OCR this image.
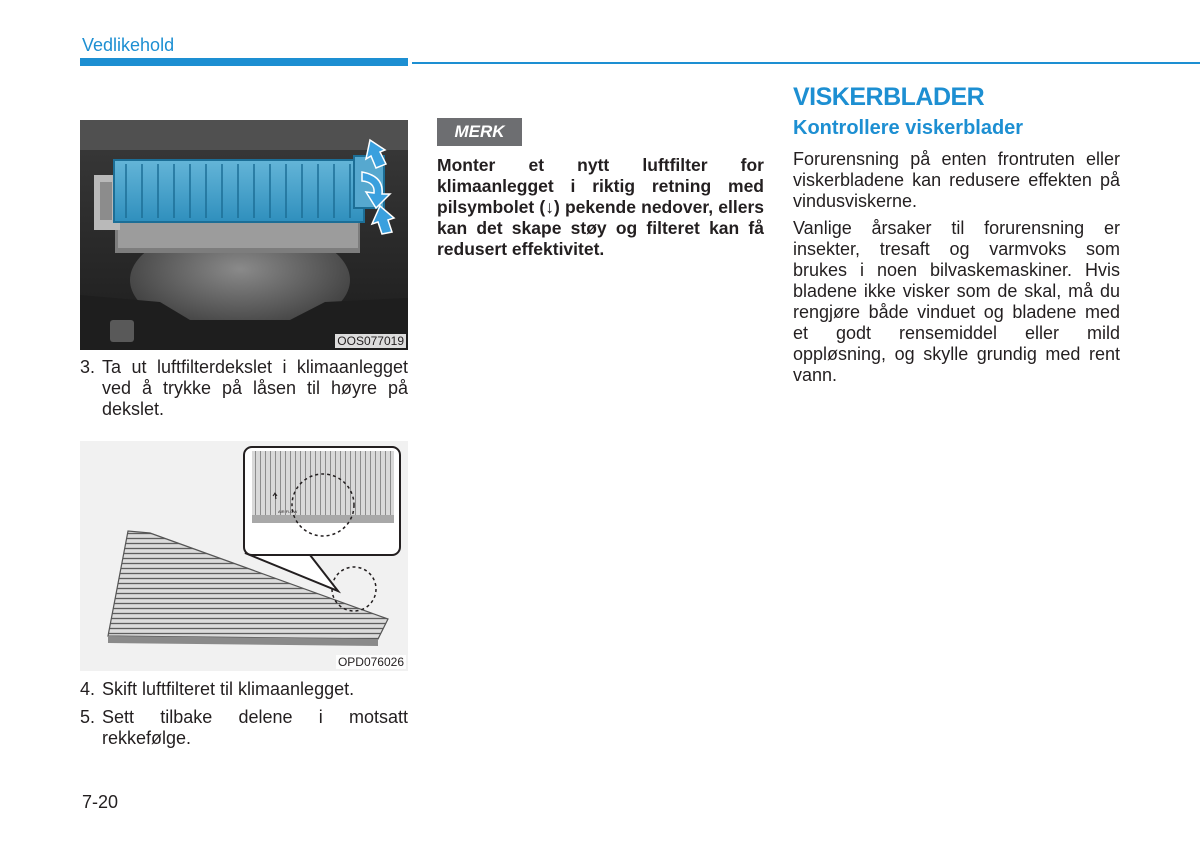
Vedlikehold
OOS077019
3. Ta ut luftfilterdekslet i klimaanlegget ved å trykke på låsen til høyre på dekslet.
AIR FLOW
OPD076026
4. Skift luftfilteret til klimaanlegget.
5. Sett tilbake delene i motsatt rekkefølge.
MERK
Monter et nytt luftfilter for klimaanlegget i riktig retning med pilsymbolet (↓) pekende nedover, ellers kan det skape støy og filteret kan få redusert effektivitet.
VISKERBLADER
Kontrollere viskerblader
Forurensning på enten frontruten eller viskerbladene kan redusere effekten på vindusviskerne.
Vanlige årsaker til forurensning er insekter, tresaft og varmvoks som brukes i noen bilvaskemaskiner. Hvis bladene ikke visker som de skal, må du rengjøre både vinduet og bladene med et godt rensemiddel eller mild oppløsning, og skylle grundig med rent vann.
7-20
